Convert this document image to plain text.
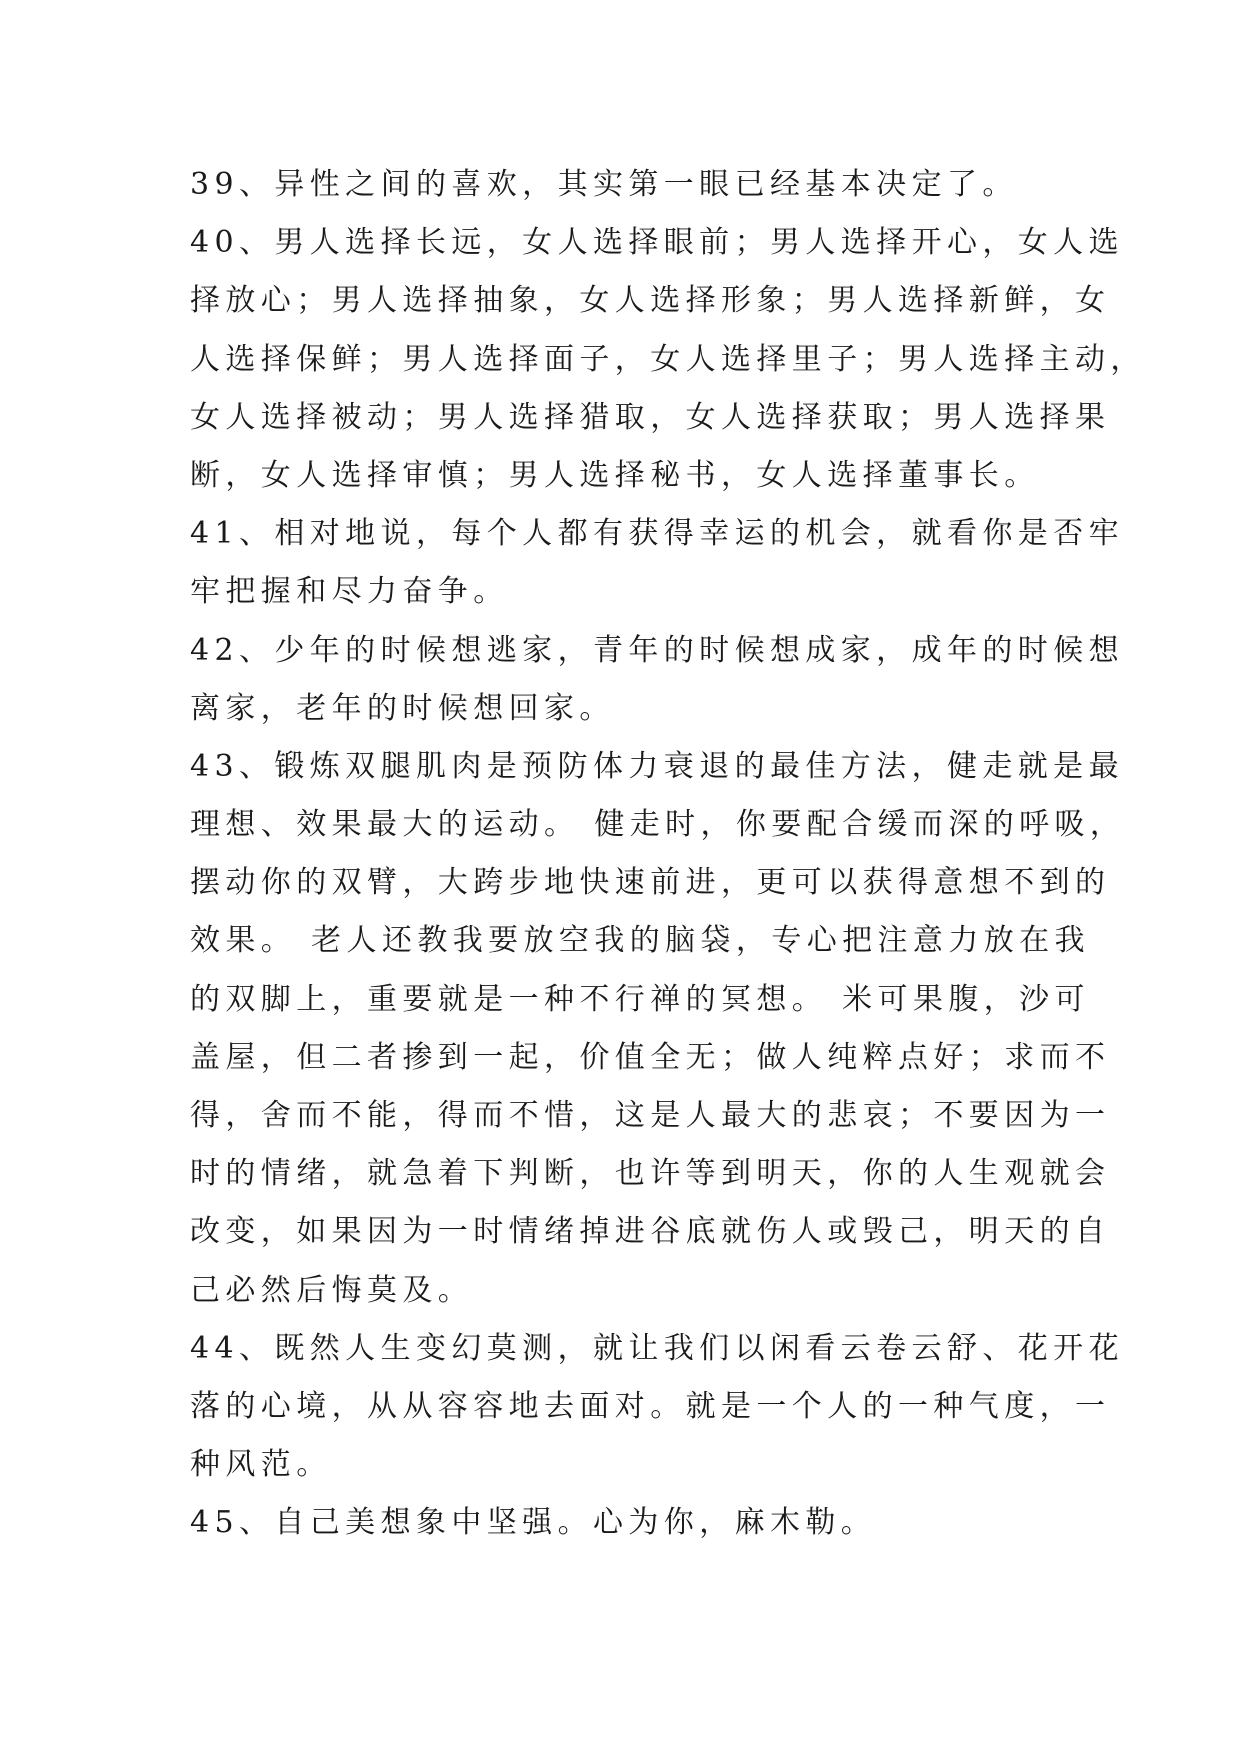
39、异性之间的喜欢，其实第一眼已经基本决定了。
40、男人选择长远，女人选择眼前；男人选择开心，女人选
择放心；男人选择抽象，女人选择形象；男人选择新鲜，女
人选择保鲜；男人选择面子，女人选择里子；男人选择主动，
女人选择被动；男人选择猎取，女人选择获取；男人选择果
断，女人选择审慎；男人选择秘书，女人选择董事长。
41、相对地说，每个人都有获得幸运的机会，就看你是否牢
牢把握和尽力奋争。
42、少年的时候想逃家，青年的时候想成家，成年的时候想
离家，老年的时候想回家。
43、锻炼双腿肌肉是预防体力衰退的最佳方法，健走就是最
理想、效果最大的运动。 健走时，你要配合缓而深的呼吸，
摆动你的双臂，大跨步地快速前进，更可以获得意想不到的
效果。 老人还教我要放空我的脑袋，专心把注意力放在我
的双脚上，重要就是一种不行禅的冥想。 米可果腹，沙可
盖屋，但二者掺到一起，价值全无；做人纯粹点好；求而不
得，舍而不能，得而不惜，这是人最大的悲哀；不要因为一
时的情绪，就急着下判断，也许等到明天，你的人生观就会
改变，如果因为一时情绪掉进谷底就伤人或毁己，明天的自
己必然后悔莫及。
44、既然人生变幻莫测，就让我们以闲看云卷云舒、花开花
落的心境，从从容容地去面对。就是一个人的一种气度，一
种风范。
45、自己美想象中坚强。心为你，麻木勒。
